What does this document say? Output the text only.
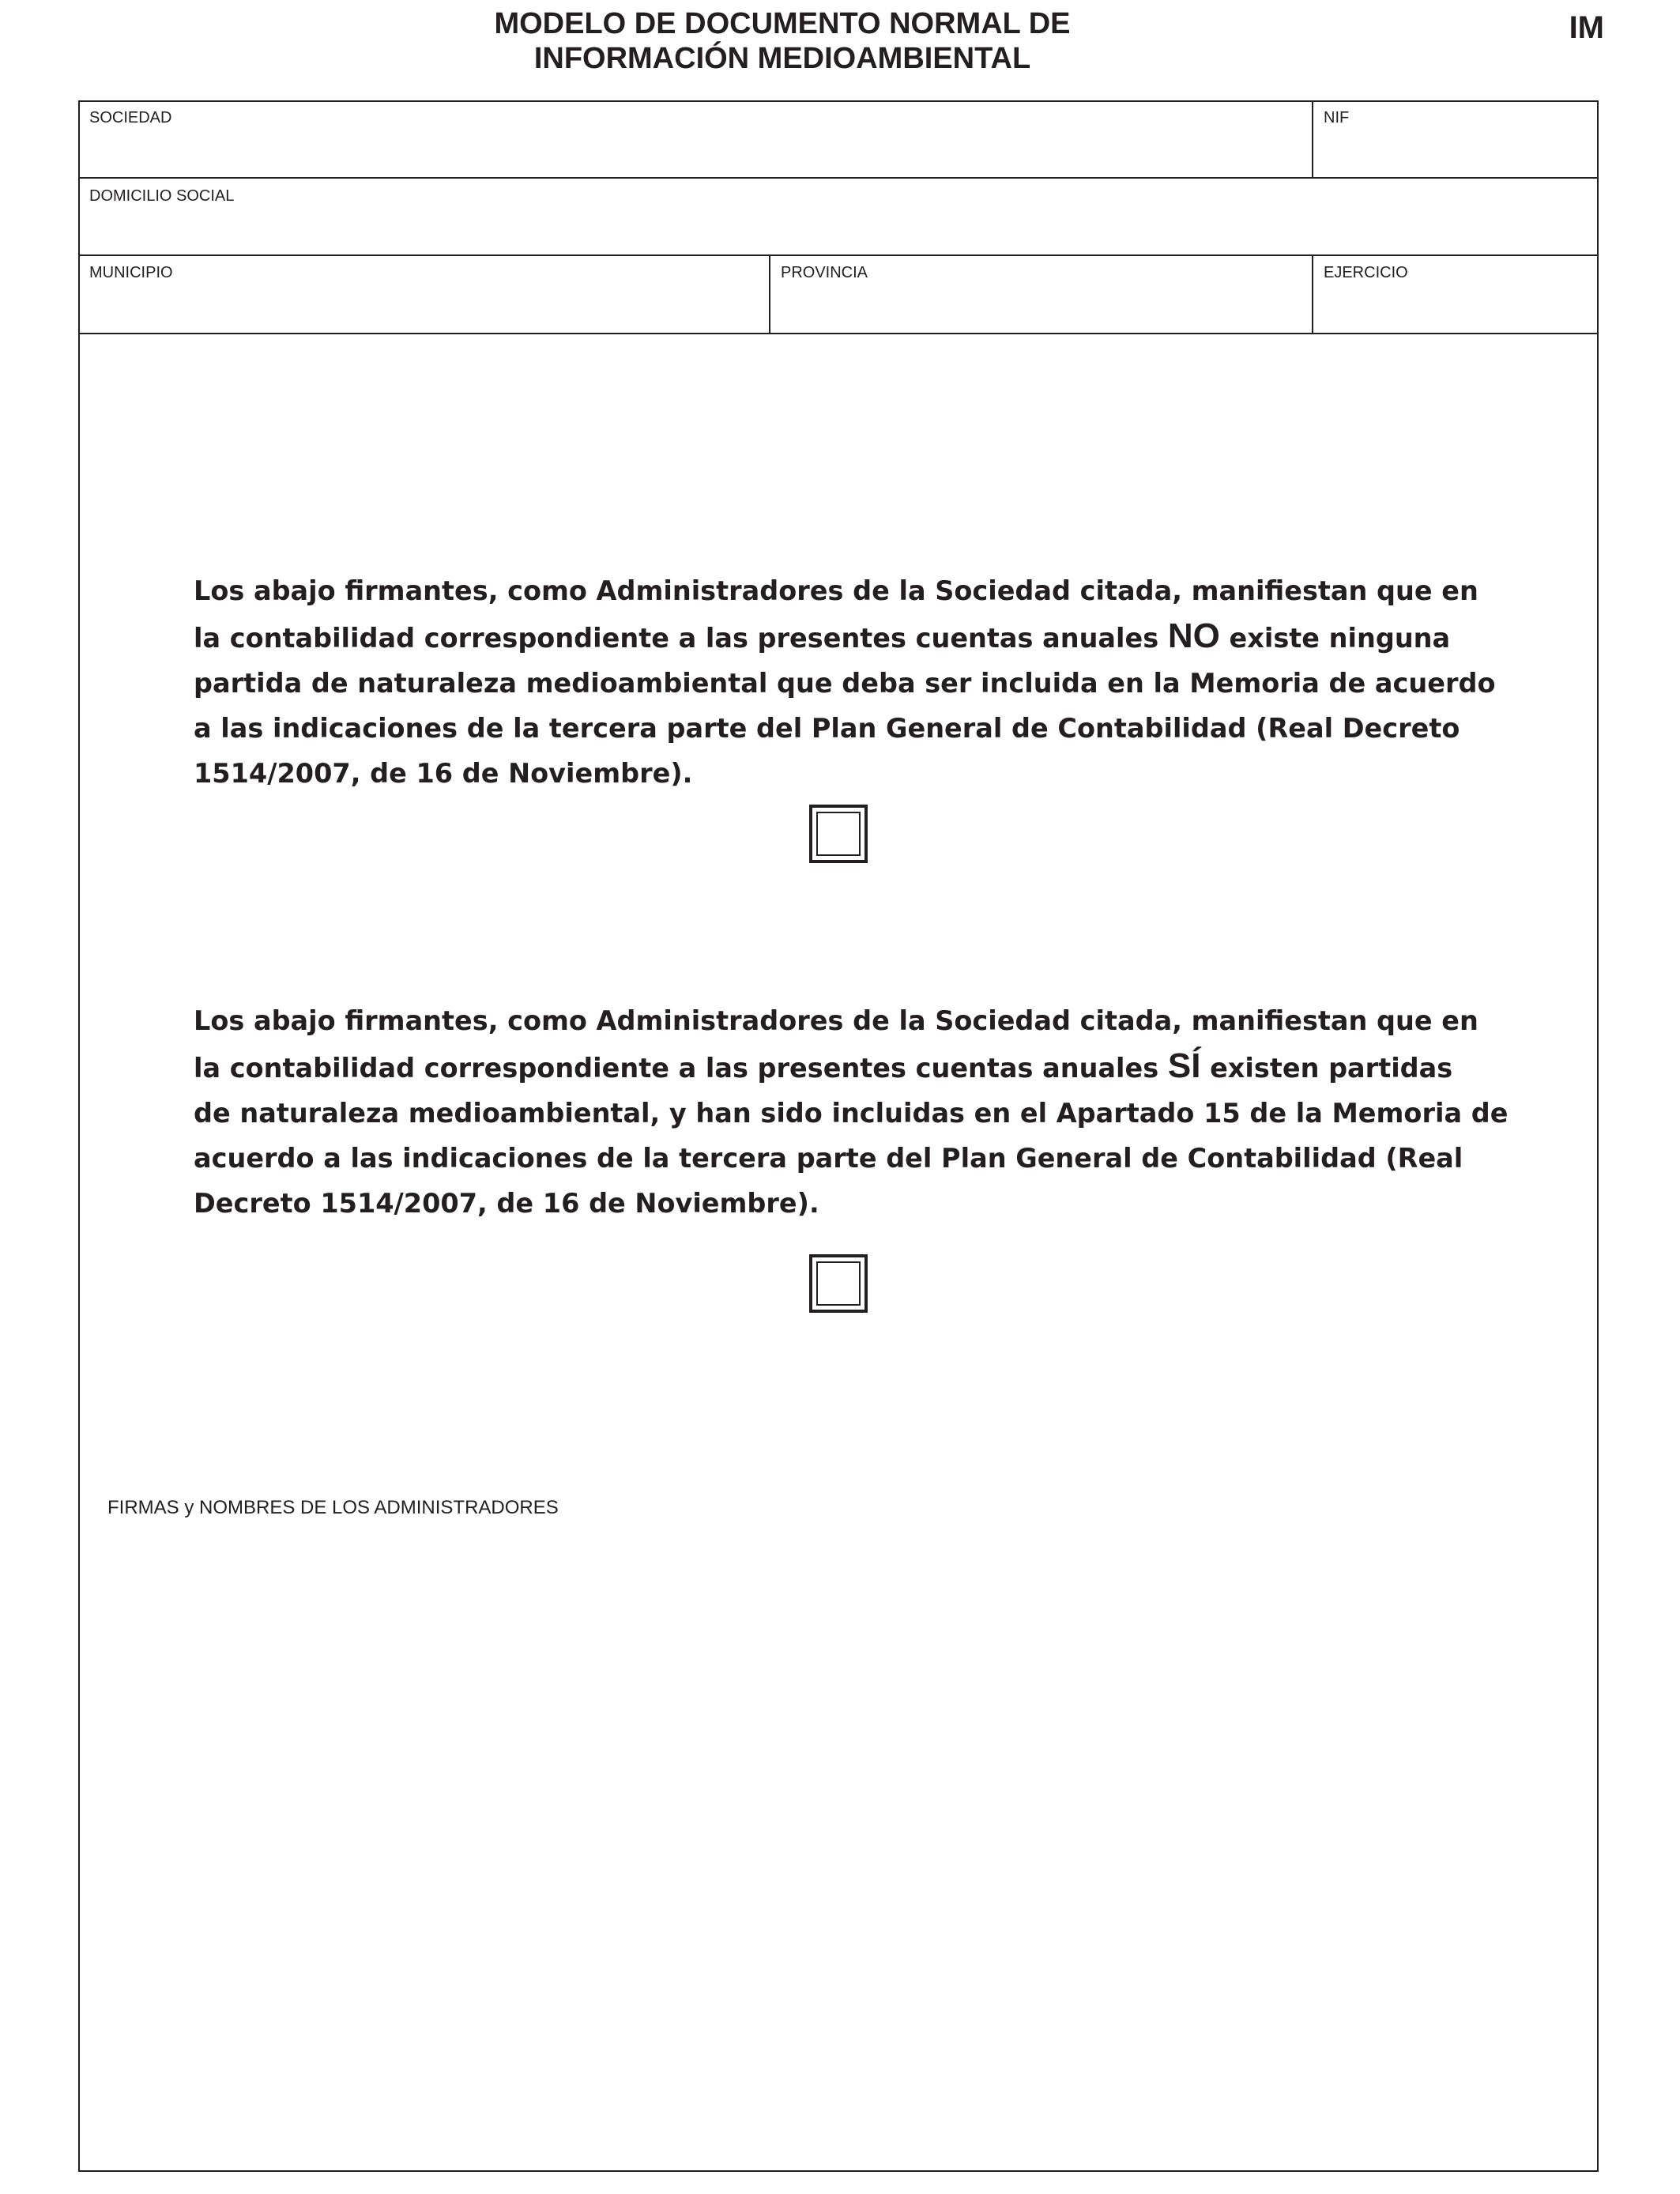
MODELO DE DOCUMENTO NORMAL DE
INFORMACIÓN MEDIOAMBIENTAL
IM
SOCIEDAD	NIF
DOMICILIO SOCIAL
MUNICIPIO	PROVINCIA	EJERCICIO

Los abajo firmantes, como Administradores de la Sociedad citada, manifiestan que en
la contabilidad correspondiente a las presentes cuentas anuales NO existe ninguna
partida de naturaleza medioambiental que deba ser incluida en la Memoria de acuerdo
a las indicaciones de la tercera parte del Plan General de Contabilidad (Real Decreto
1514/2007, de 16 de Noviembre).

Los abajo firmantes, como Administradores de la Sociedad citada, manifiestan que en
la contabilidad correspondiente a las presentes cuentas anuales SÍ existen partidas
de naturaleza medioambiental, y han sido incluidas en el Apartado 15 de la Memoria de
acuerdo a las indicaciones de la tercera parte del Plan General de Contabilidad (Real
Decreto 1514/2007, de 16 de Noviembre).

FIRMAS y NOMBRES DE LOS ADMINISTRADORES
